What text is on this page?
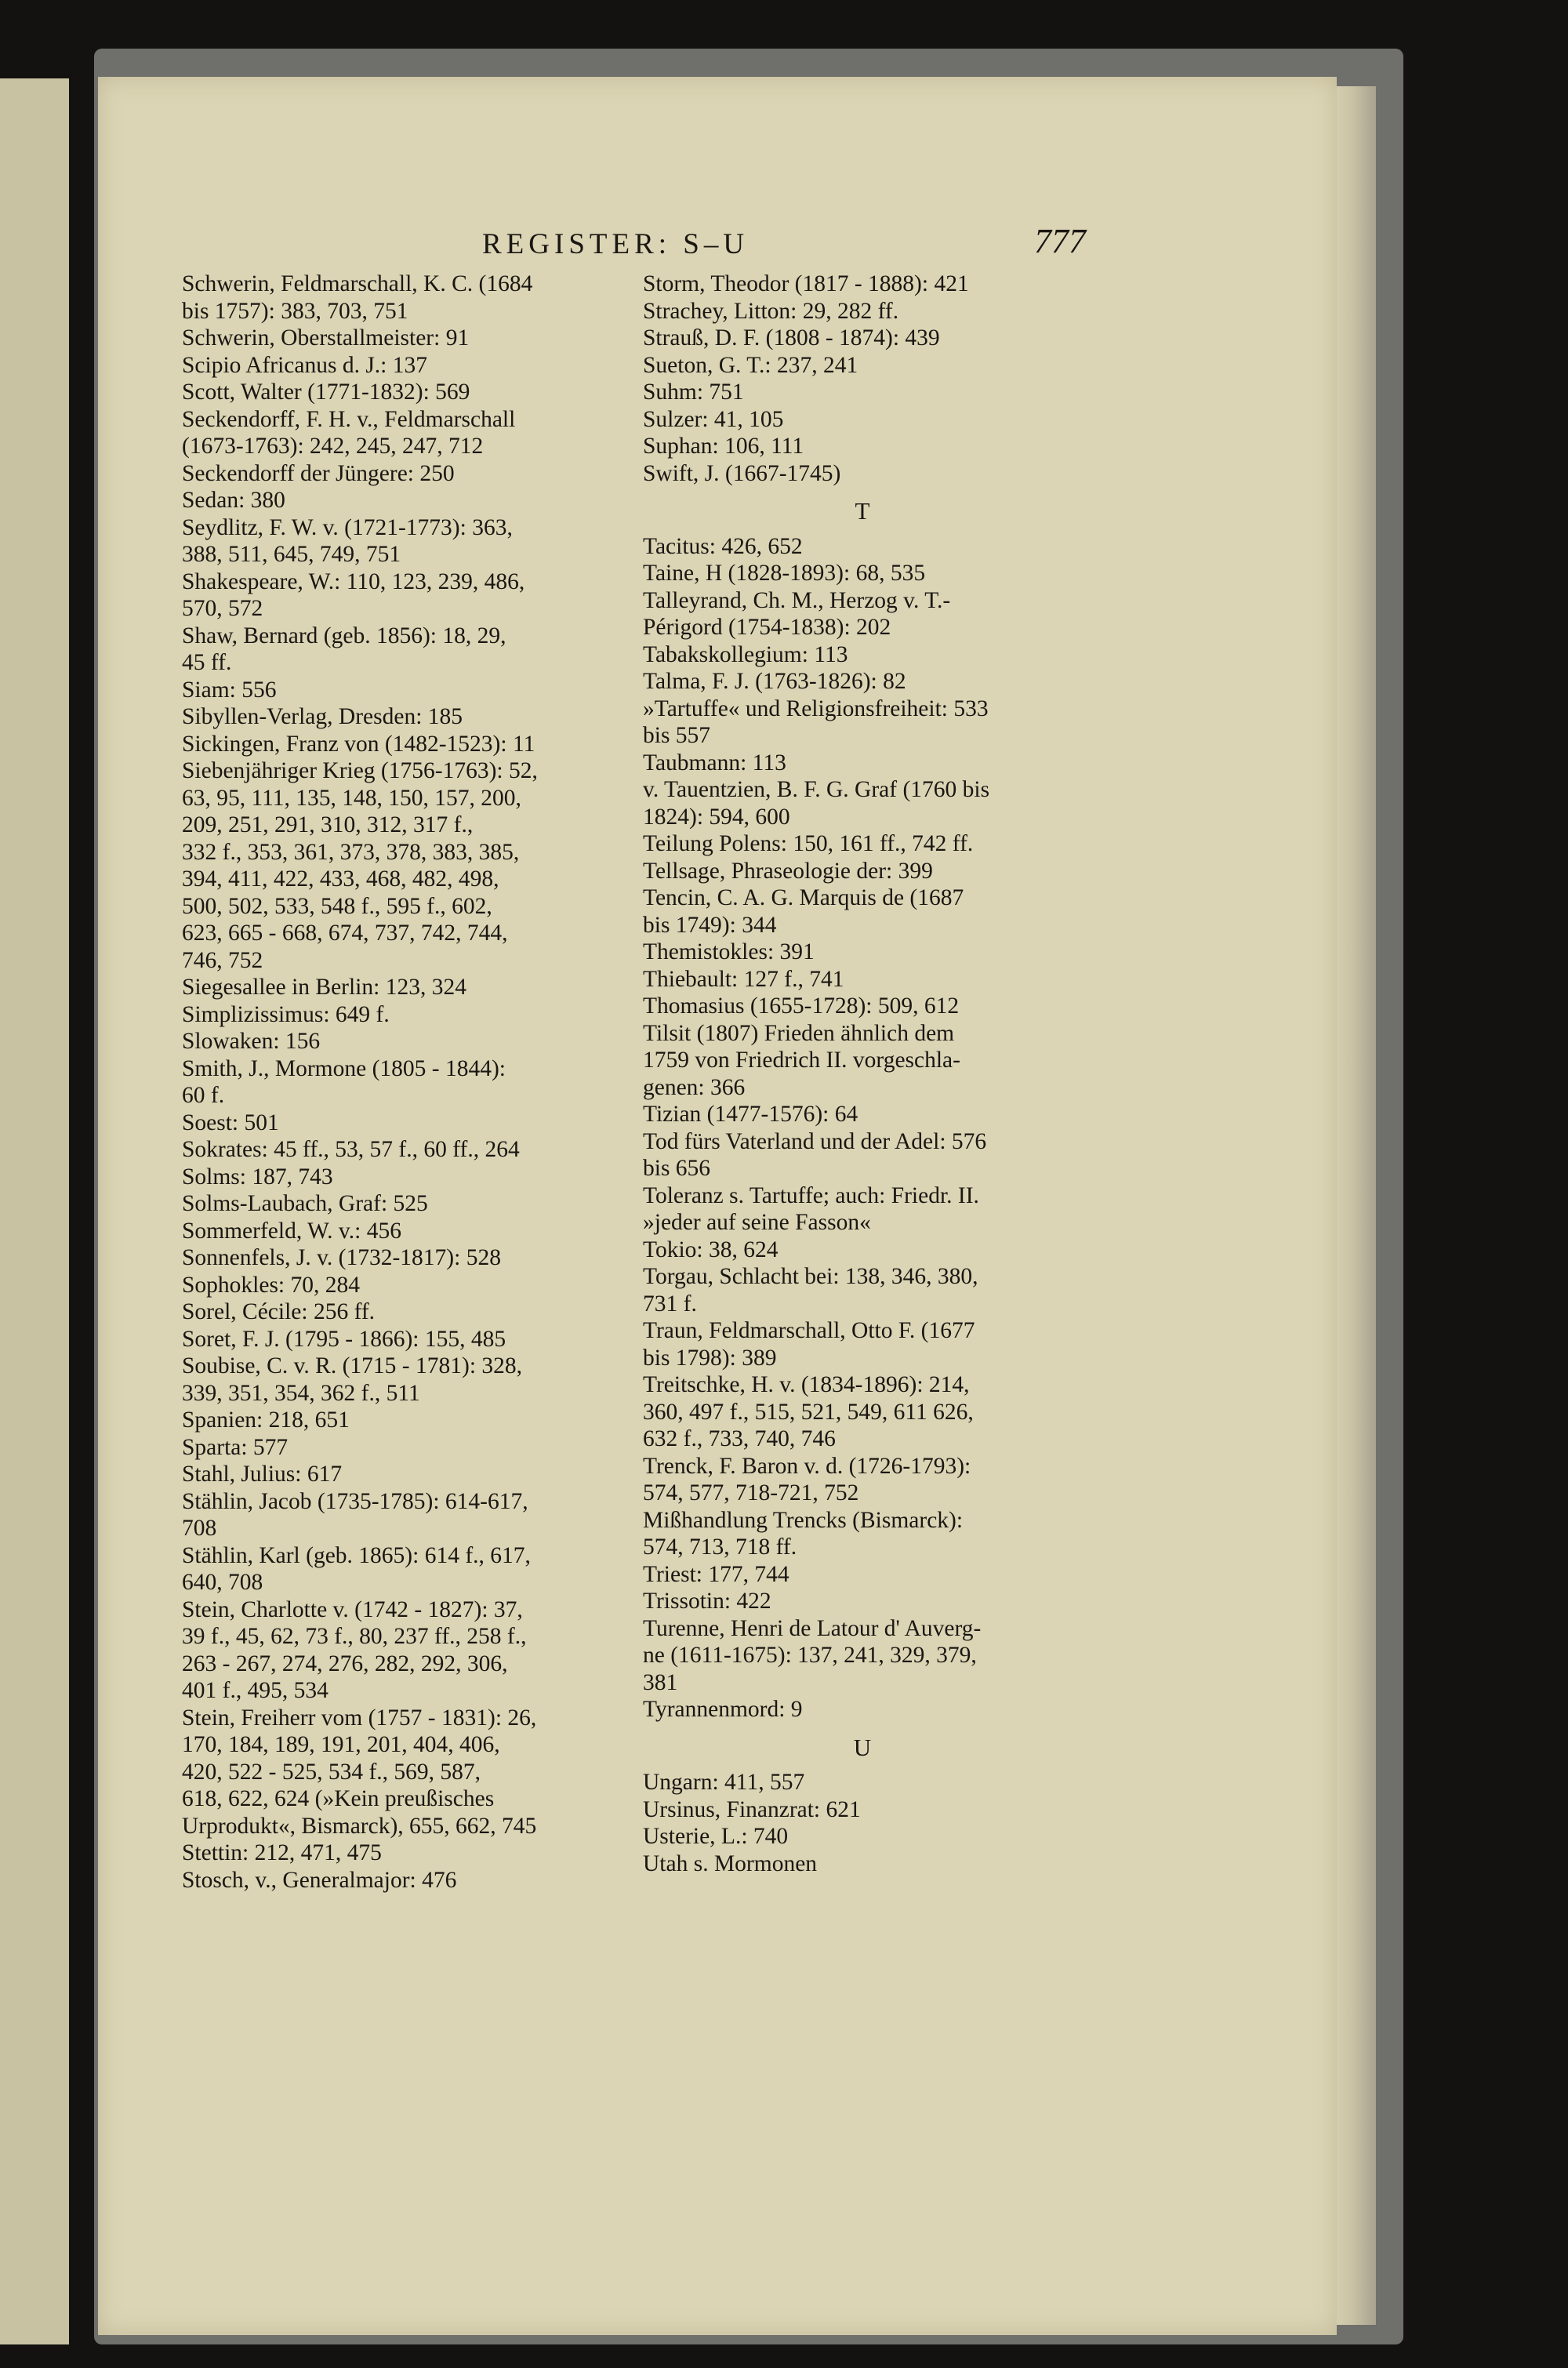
REGISTER: S–U	777
Schwerin, Feldmarschall, K. C. (1684
bis 1757): 383, 703, 751
Schwerin, Oberstallmeister: 91
Scipio Africanus d. J.: 137
Scott, Walter (1771-1832): 569
Seckendorff, F. H. v., Feldmarschall
(1673-1763): 242, 245, 247, 712
Seckendorff der Jüngere: 250
Sedan: 380
Seydlitz, F. W. v. (1721-1773): 363,
388, 511, 645, 749, 751
Shakespeare, W.: 110, 123, 239, 486,
570, 572
Shaw, Bernard (geb. 1856): 18, 29,
45 ff.
Siam: 556
Sibyllen-Verlag, Dresden: 185
Sickingen, Franz von (1482-1523): 11
Siebenjähriger Krieg (1756-1763): 52,
63, 95, 111, 135, 148, 150, 157, 200,
209, 251, 291, 310, 312, 317 f.,
332 f., 353, 361, 373, 378, 383, 385,
394, 411, 422, 433, 468, 482, 498,
500, 502, 533, 548 f., 595 f., 602,
623, 665 - 668, 674, 737, 742, 744,
746, 752
Siegesallee in Berlin: 123, 324
Simplizissimus: 649 f.
Slowaken: 156
Smith, J., Mormone (1805 - 1844):
60 f.
Soest: 501
Sokrates: 45 ff., 53, 57 f., 60 ff., 264
Solms: 187, 743
Solms-Laubach, Graf: 525
Sommerfeld, W. v.: 456
Sonnenfels, J. v. (1732-1817): 528
Sophokles: 70, 284
Sorel, Cécile: 256 ff.
Soret, F. J. (1795 - 1866): 155, 485
Soubise, C. v. R. (1715 - 1781): 328,
339, 351, 354, 362 f., 511
Spanien: 218, 651
Sparta: 577
Stahl, Julius: 617
Stählin, Jacob (1735-1785): 614-617,
708
Stählin, Karl (geb. 1865): 614 f., 617,
640, 708
Stein, Charlotte v. (1742 - 1827): 37,
39 f., 45, 62, 73 f., 80, 237 ff., 258 f.,
263 - 267, 274, 276, 282, 292, 306,
401 f., 495, 534
Stein, Freiherr vom (1757 - 1831): 26,
170, 184, 189, 191, 201, 404, 406,
420, 522 - 525, 534 f., 569, 587,
618, 622, 624 (»Kein preußisches
Urprodukt«, Bismarck), 655, 662, 745
Stettin: 212, 471, 475
Stosch, v., Generalmajor: 476
Storm, Theodor (1817 - 1888): 421
Strachey, Litton: 29, 282 ff.
Strauß, D. F. (1808 - 1874): 439
Sueton, G. T.: 237, 241
Suhm: 751
Sulzer: 41, 105
Suphan: 106, 111
Swift, J. (1667-1745)
T
Tacitus: 426, 652
Taine, H (1828-1893): 68, 535
Talleyrand, Ch. M., Herzog v. T.-
Périgord (1754-1838): 202
Tabakskollegium: 113
Talma, F. J. (1763-1826): 82
»Tartuffe« und Religionsfreiheit: 533
bis 557
Taubmann: 113
v. Tauentzien, B. F. G. Graf (1760 bis
1824): 594, 600
Teilung Polens: 150, 161 ff., 742 ff.
Tellsage, Phraseologie der: 399
Tencin, C. A. G. Marquis de (1687
bis 1749): 344
Themistokles: 391
Thiebault: 127 f., 741
Thomasius (1655-1728): 509, 612
Tilsit (1807) Frieden ähnlich dem
1759 von Friedrich II. vorgeschla-
genen: 366
Tizian (1477-1576): 64
Tod fürs Vaterland und der Adel: 576
bis 656
Toleranz s. Tartuffe; auch: Friedr. II.
»jeder auf seine Fasson«
Tokio: 38, 624
Torgau, Schlacht bei: 138, 346, 380,
731 f.
Traun, Feldmarschall, Otto F. (1677
bis 1798): 389
Treitschke, H. v. (1834-1896): 214,
360, 497 f., 515, 521, 549, 611 626,
632 f., 733, 740, 746
Trenck, F. Baron v. d. (1726-1793):
574, 577, 718-721, 752
Mißhandlung Trencks (Bismarck):
574, 713, 718 ff.
Triest: 177, 744
Trissotin: 422
Turenne, Henri de Latour d' Auverg-
ne (1611-1675): 137, 241, 329, 379,
381
Tyrannenmord: 9
U
Ungarn: 411, 557
Ursinus, Finanzrat: 621
Usterie, L.: 740
Utah s. Mormonen
